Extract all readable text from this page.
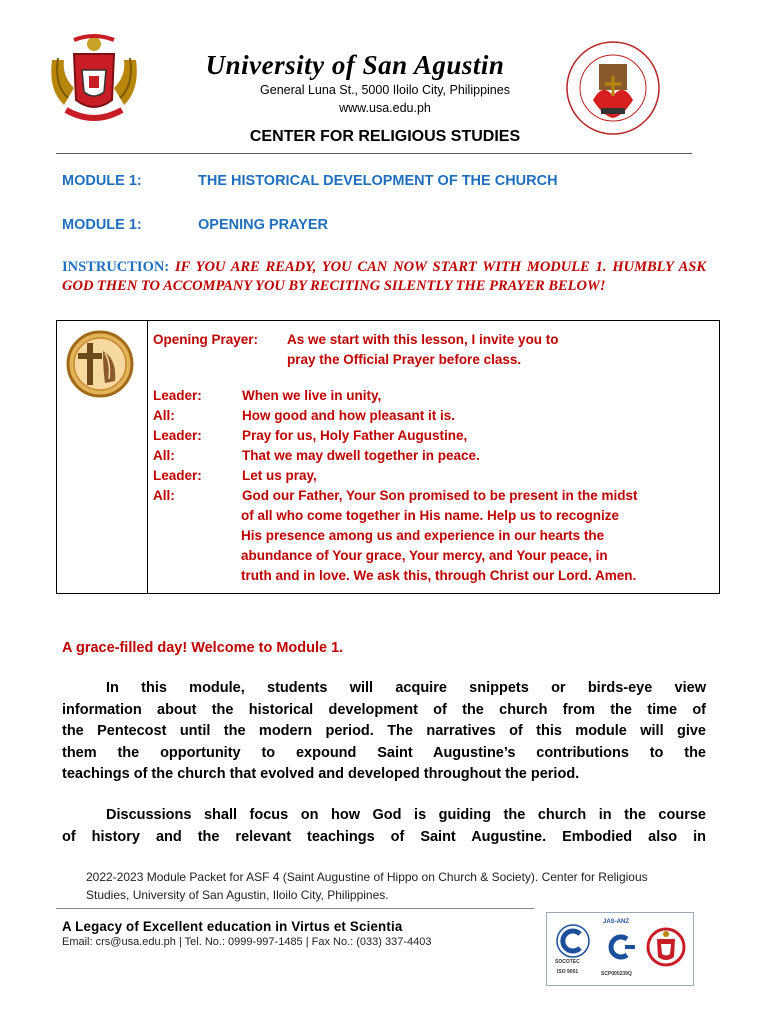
University of San Agustin
General Luna St., 5000 Iloilo City, Philippines
www.usa.edu.ph
CENTER FOR RELIGIOUS STUDIES
MODULE 1:	THE HISTORICAL DEVELOPMENT OF THE CHURCH
MODULE 1:	OPENING PRAYER
INSTRUCTION: IF YOU ARE READY, YOU CAN NOW START WITH MODULE 1. HUMBLY ASK GOD THEN TO ACCOMPANY YOU BY RECITING SILENTLY THE PRAYER BELOW!
Opening Prayer: As we start with this lesson, I invite you to
pray the Official Prayer before class.
Leader:	When we live in unity,
All:	How good and how pleasant it is.
Leader:	Pray for us, Holy Father Augustine,
All:	That we may dwell together in peace.
Leader:	Let us pray,
All:	God our Father, Your Son promised to be present in the midst
of all who come together in His name. Help us to recognize
His presence among us and experience in our hearts the
abundance of Your grace, Your mercy, and Your peace, in
truth and in love. We ask this, through Christ our Lord. Amen.
A grace-filled day! Welcome to Module 1.
In this module, students will acquire snippets or birds-eye view
information about the historical development of the church from the time of
the Pentecost until the modern period. The narratives of this module will give
them the opportunity to expound Saint Augustine’s contributions to the
teachings of the church that evolved and developed throughout the period.
Discussions shall focus on how God is guiding the church in the course
of history and the relevant teachings of Saint Augustine. Embodied also in
2022-2023 Module Packet for ASF 4 (Saint Augustine of Hippo on Church & Society). Center for Religious
Studies, University of San Agustin, Iloilo City, Philippines.
A Legacy of Excellent education in Virtus et Scientia
Email: crs@usa.edu.ph | Tel. No.: 0999-997-1485 | Fax No.: (033) 337-4403
SOCOTEC
ISO 9001
JAS-ANZ
SCP000239Q
